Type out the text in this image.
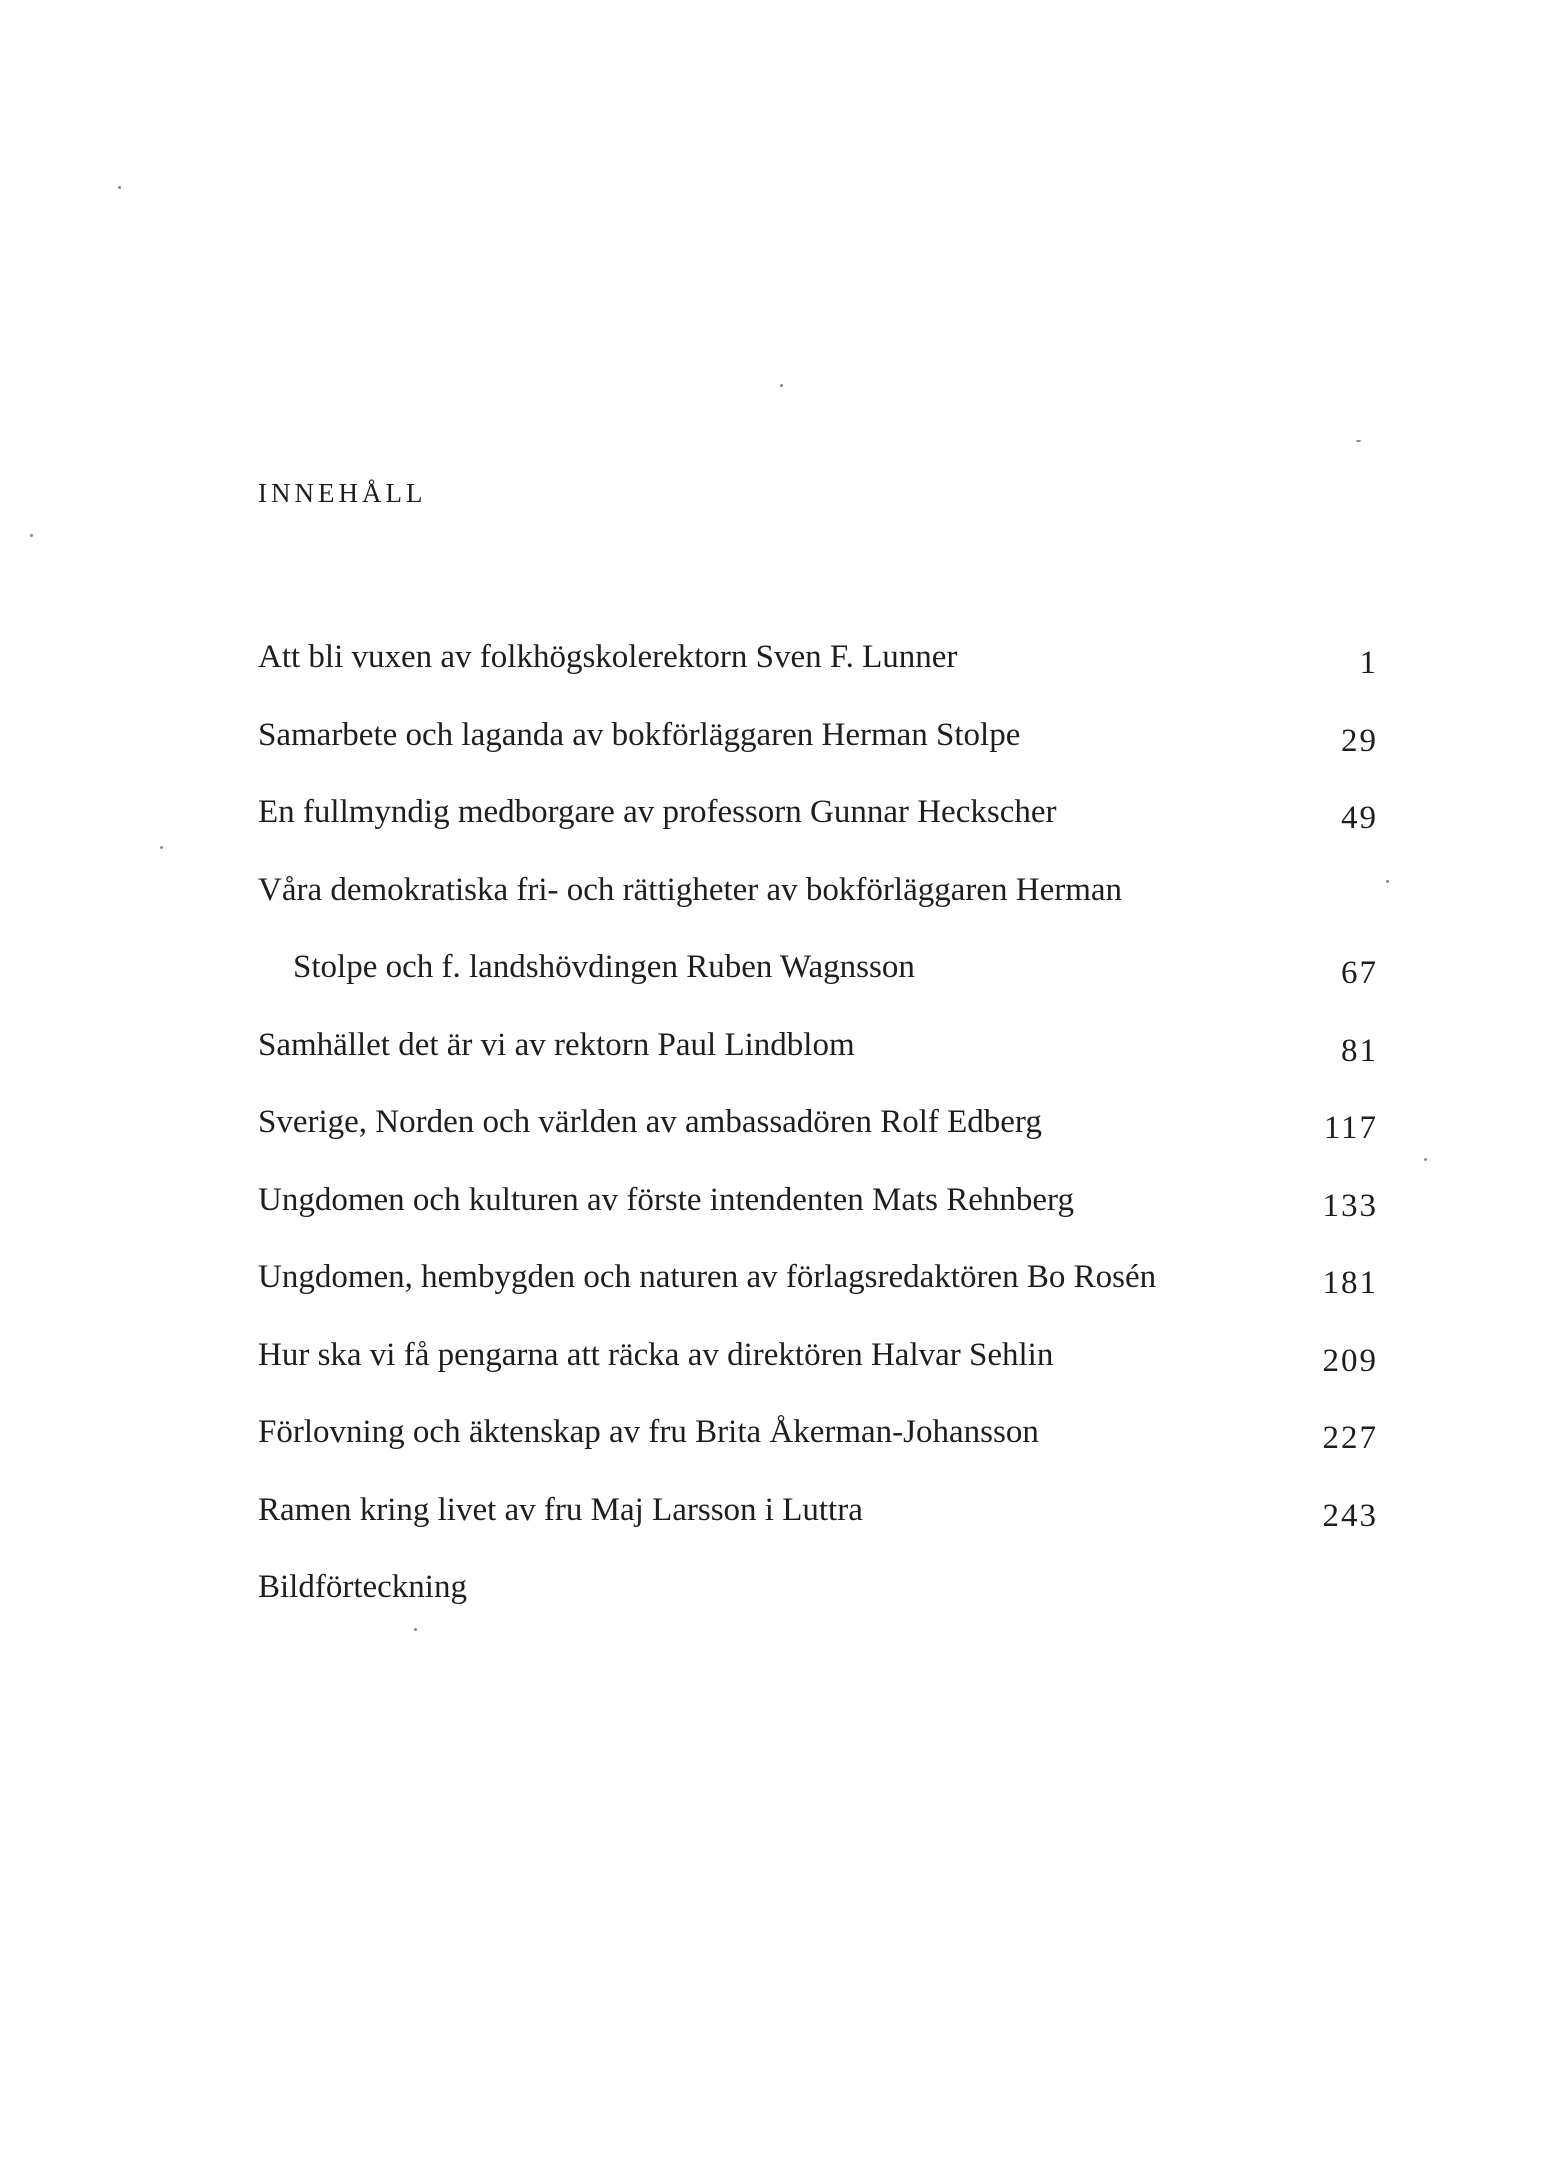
INNEHÅLL
Att bli vuxen av folkhögskolerektorn Sven F. Lunner	1
Samarbete och laganda av bokförläggaren Herman Stolpe	29
En fullmyndig medborgare av professorn Gunnar Heckscher	49
Våra demokratiska fri- och rättigheter av bokförläggaren Herman
Stolpe och f. landshövdingen Ruben Wagnsson	67
Samhället det är vi av rektorn Paul Lindblom	81
Sverige, Norden och världen av ambassadören Rolf Edberg	117
Ungdomen och kulturen av förste intendenten Mats Rehnberg	133
Ungdomen, hembygden och naturen av förlagsredaktören Bo Rosén	181
Hur ska vi få pengarna att räcka av direktören Halvar Sehlin	209
Förlovning och äktenskap av fru Brita Åkerman-Johansson	227
Ramen kring livet av fru Maj Larsson i Luttra	243
Bildförteckning
